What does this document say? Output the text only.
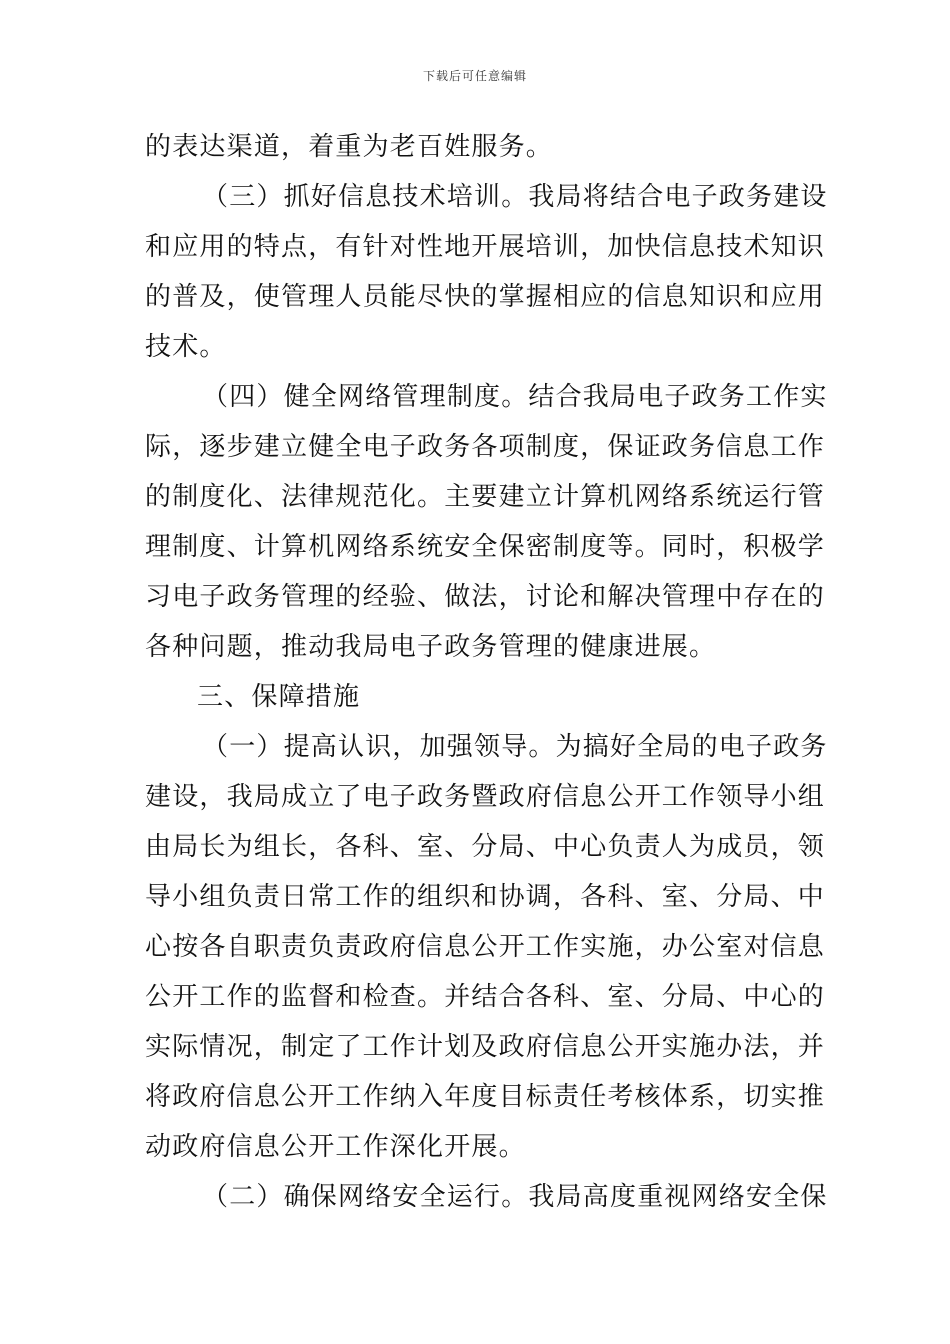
下载后可任意编辑
的表达渠道，着重为老百姓服务。
（三）抓好信息技术培训。我局将结合电子政务建设
和应用的特点，有针对性地开展培训，加快信息技术知识
的普及，使管理人员能尽快的掌握相应的信息知识和应用
技术。
（四）健全网络管理制度。结合我局电子政务工作实
际，逐步建立健全电子政务各项制度，保证政务信息工作
的制度化、法律规范化。主要建立计算机网络系统运行管
理制度、计算机网络系统安全保密制度等。同时，积极学
习电子政务管理的经验、做法，讨论和解决管理中存在的
各种问题，推动我局电子政务管理的健康进展。
三、保障措施
（一）提高认识，加强领导。为搞好全局的电子政务
建设，我局成立了电子政务暨政府信息公开工作领导小组
由局长为组长，各科、室、分局、中心负责人为成员，领
导小组负责日常工作的组织和协调，各科、室、分局、中
心按各自职责负责政府信息公开工作实施，办公室对信息
公开工作的监督和检查。并结合各科、室、分局、中心的
实际情况，制定了工作计划及政府信息公开实施办法，并
将政府信息公开工作纳入年度目标责任考核体系，切实推
动政府信息公开工作深化开展。
（二）确保网络安全运行。我局高度重视网络安全保
